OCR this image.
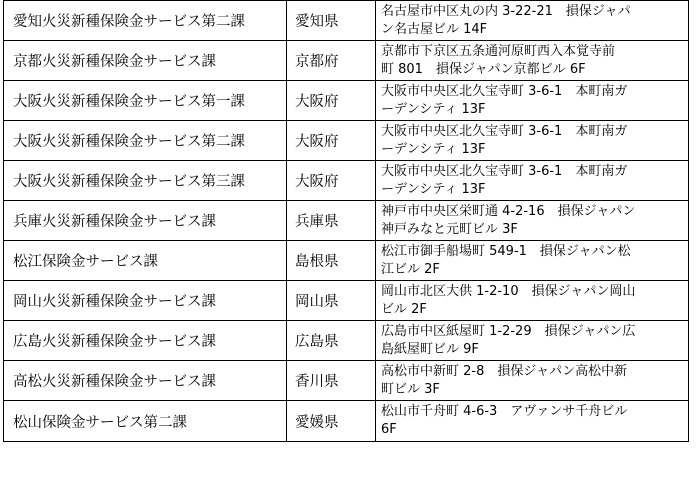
愛知火災新種保険金サービス第二課	愛知県	名古屋市中区丸の内 3-22-21　損保ジャパ
ン名古屋ビル 14F

京都火災新種保険金サービス課	京都府	京都市下京区五条通河原町西入本覚寺前
町 801　損保ジャパン京都ビル 6F

大阪火災新種保険金サービス第一課	大阪府	大阪市中央区北久宝寺町 3-6-1　本町南ガ
ーデンシティ 13F

大阪火災新種保険金サービス第二課	大阪府	大阪市中央区北久宝寺町 3-6-1　本町南ガ
ーデンシティ 13F

大阪火災新種保険金サービス第三課	大阪府	大阪市中央区北久宝寺町 3-6-1　本町南ガ
ーデンシティ 13F

兵庫火災新種保険金サービス課	兵庫県	神戸市中央区栄町通 4-2-16　損保ジャパン
神戸みなと元町ビル 3F

松江保険金サービス課	島根県	松江市御手船場町 549-1　損保ジャパン松
江ビル 2F

岡山火災新種保険金サービス課	岡山県	岡山市北区大供 1-2-10　損保ジャパン岡山
ビル 2F

広島火災新種保険金サービス課	広島県	広島市中区紙屋町 1-2-29　損保ジャパン広
島紙屋町ビル 9F

高松火災新種保険金サービス課	香川県	高松市中新町 2-8　損保ジャパン高松中新
町ビル 3F

松山保険金サービス第二課	愛媛県	松山市千舟町 4-6-3　アヴァンサ千舟ビル
6F
